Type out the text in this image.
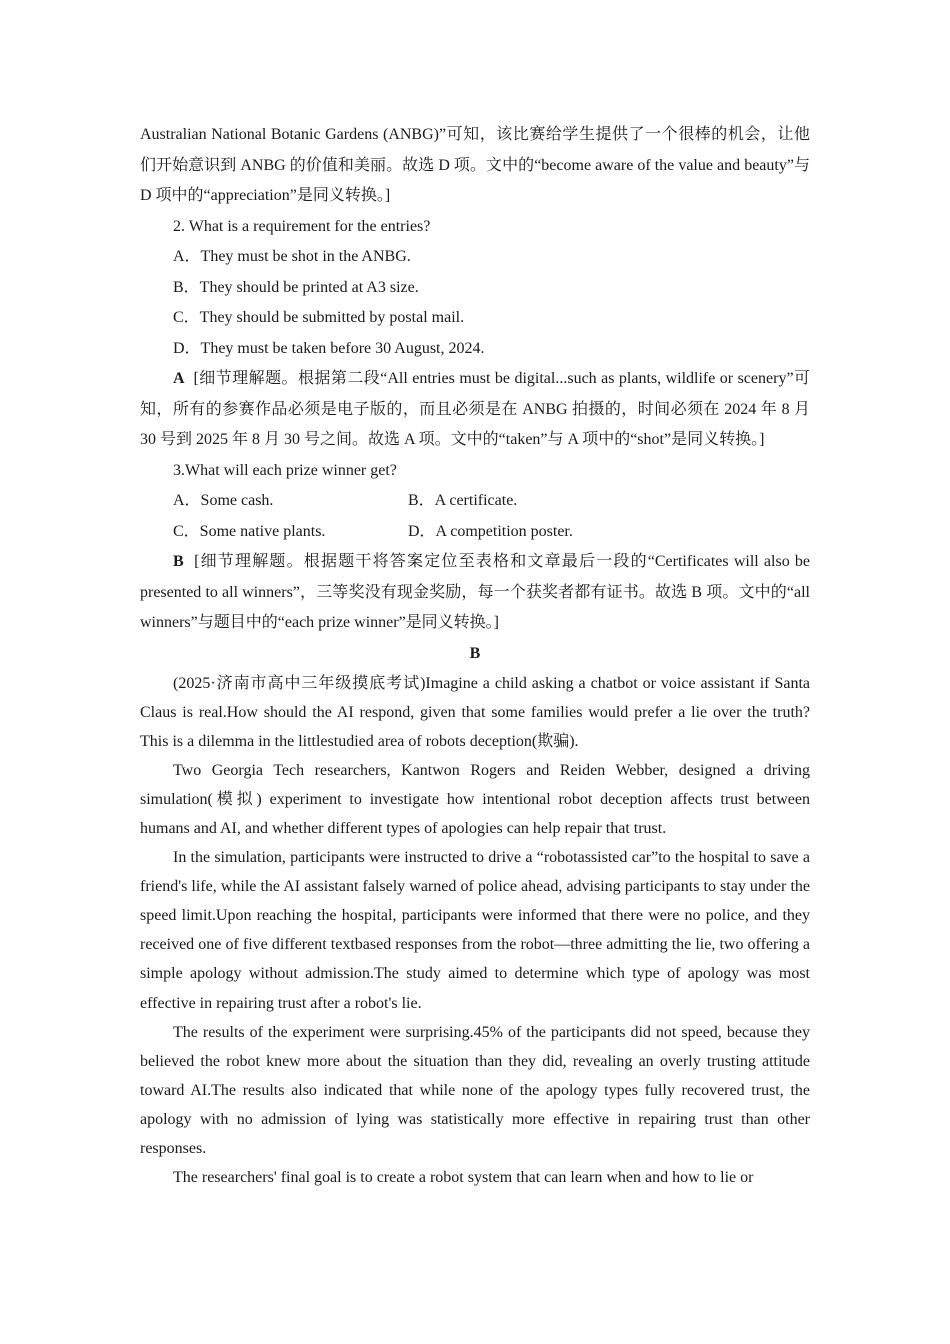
Australian National Botanic Gardens (ANBG)”可知，该比赛给学生提供了一个很棒的机会，让他们开始意识到 ANBG 的价值和美丽。故选 D 项。文中的“become aware of the value and beauty”与 D 项中的“appreciation”是同义转换。]

2. What is a requirement for the entries?

A．They must be shot in the ANBG.

B．They should be printed at A3 size.

C．They should be submitted by postal mail.

D．They must be taken before 30 August, 2024.

A [细节理解题。根据第二段“All entries must be digital...such as plants, wildlife or scenery”可知，所有的参赛作品必须是电子版的，而且必须是在 ANBG 拍摄的，时间必须在 2024 年 8 月 30 号到 2025 年 8 月 30 号之间。故选 A 项。文中的“taken”与 A 项中的“shot”是同义转换。]

3.What will each prize winner get?

A．Some cash.	B．A certificate.
C．Some native plants.	D．A competition poster.

B [细节理解题。根据题干将答案定位至表格和文章最后一段的“Certificates will also be presented to all winners”，三等奖没有现金奖励，每一个获奖者都有证书。故选 B 项。文中的“all winners”与题目中的“each prize winner”是同义转换。]

B

(2025·济南市高中三年级摸底考试)Imagine a child asking a chatbot or voice assistant if Santa Claus is real.How should the AI respond, given that some families would prefer a lie over the truth? This is a dilemma in the littlestudied area of robots deception(欺骗).

Two Georgia Tech researchers, Kantwon Rogers and Reiden Webber, designed a driving simulation(模拟) experiment to investigate how intentional robot deception affects trust between humans and AI, and whether different types of apologies can help repair that trust.

In the simulation, participants were instructed to drive a “robotassisted car”to the hospital to save a friend's life, while the AI assistant falsely warned of police ahead, advising participants to stay under the speed limit.Upon reaching the hospital, participants were informed that there were no police, and they received one of five different textbased responses from the robot—three admitting the lie, two offering a simple apology without admission.The study aimed to determine which type of apology was most effective in repairing trust after a robot's lie.

The results of the experiment were surprising.45% of the participants did not speed, because they believed the robot knew more about the situation than they did, revealing an overly trusting attitude toward AI.The results also indicated that while none of the apology types fully recovered trust, the apology with no admission of lying was statistically more effective in repairing trust than other responses.

The researchers' final goal is to create a robot system that can learn when and how to lie or
